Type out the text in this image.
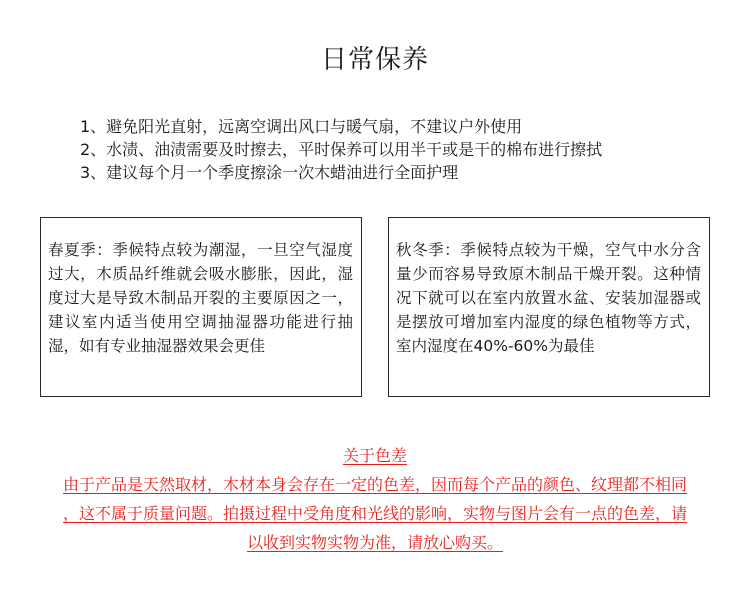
日常保养
1、避免阳光直射，远离空调出风口与暖气扇，不建议户外使用
2、水渍、油渍需要及时擦去，平时保养可以用半干或是干的棉布进行擦拭
3、建议每个月一个季度擦涂一次木蜡油进行全面护理
春夏季：季候特点较为潮湿，一旦空气湿度过大，木质品纤维就会吸水膨胀，因此，湿度过大是导致木制品开裂的主要原因之一，建议室内适当使用空调抽湿器功能进行抽湿，如有专业抽湿器效果会更佳
秋冬季：季候特点较为干燥，空气中水分含量少而容易导致原木制品干燥开裂。这种情况下就可以在室内放置水盆、安装加湿器或是摆放可增加室内湿度的绿色植物等方式，室内湿度在40%-60%为最佳
关于色差
由于产品是天然取材，木材本身会存在一定的色差，因而每个产品的颜色、纹理都不相同
，这不属于质量问题。拍摄过程中受角度和光线的影响，实物与图片会有一点的色差，请
以收到实物实物为准，请放心购买。
